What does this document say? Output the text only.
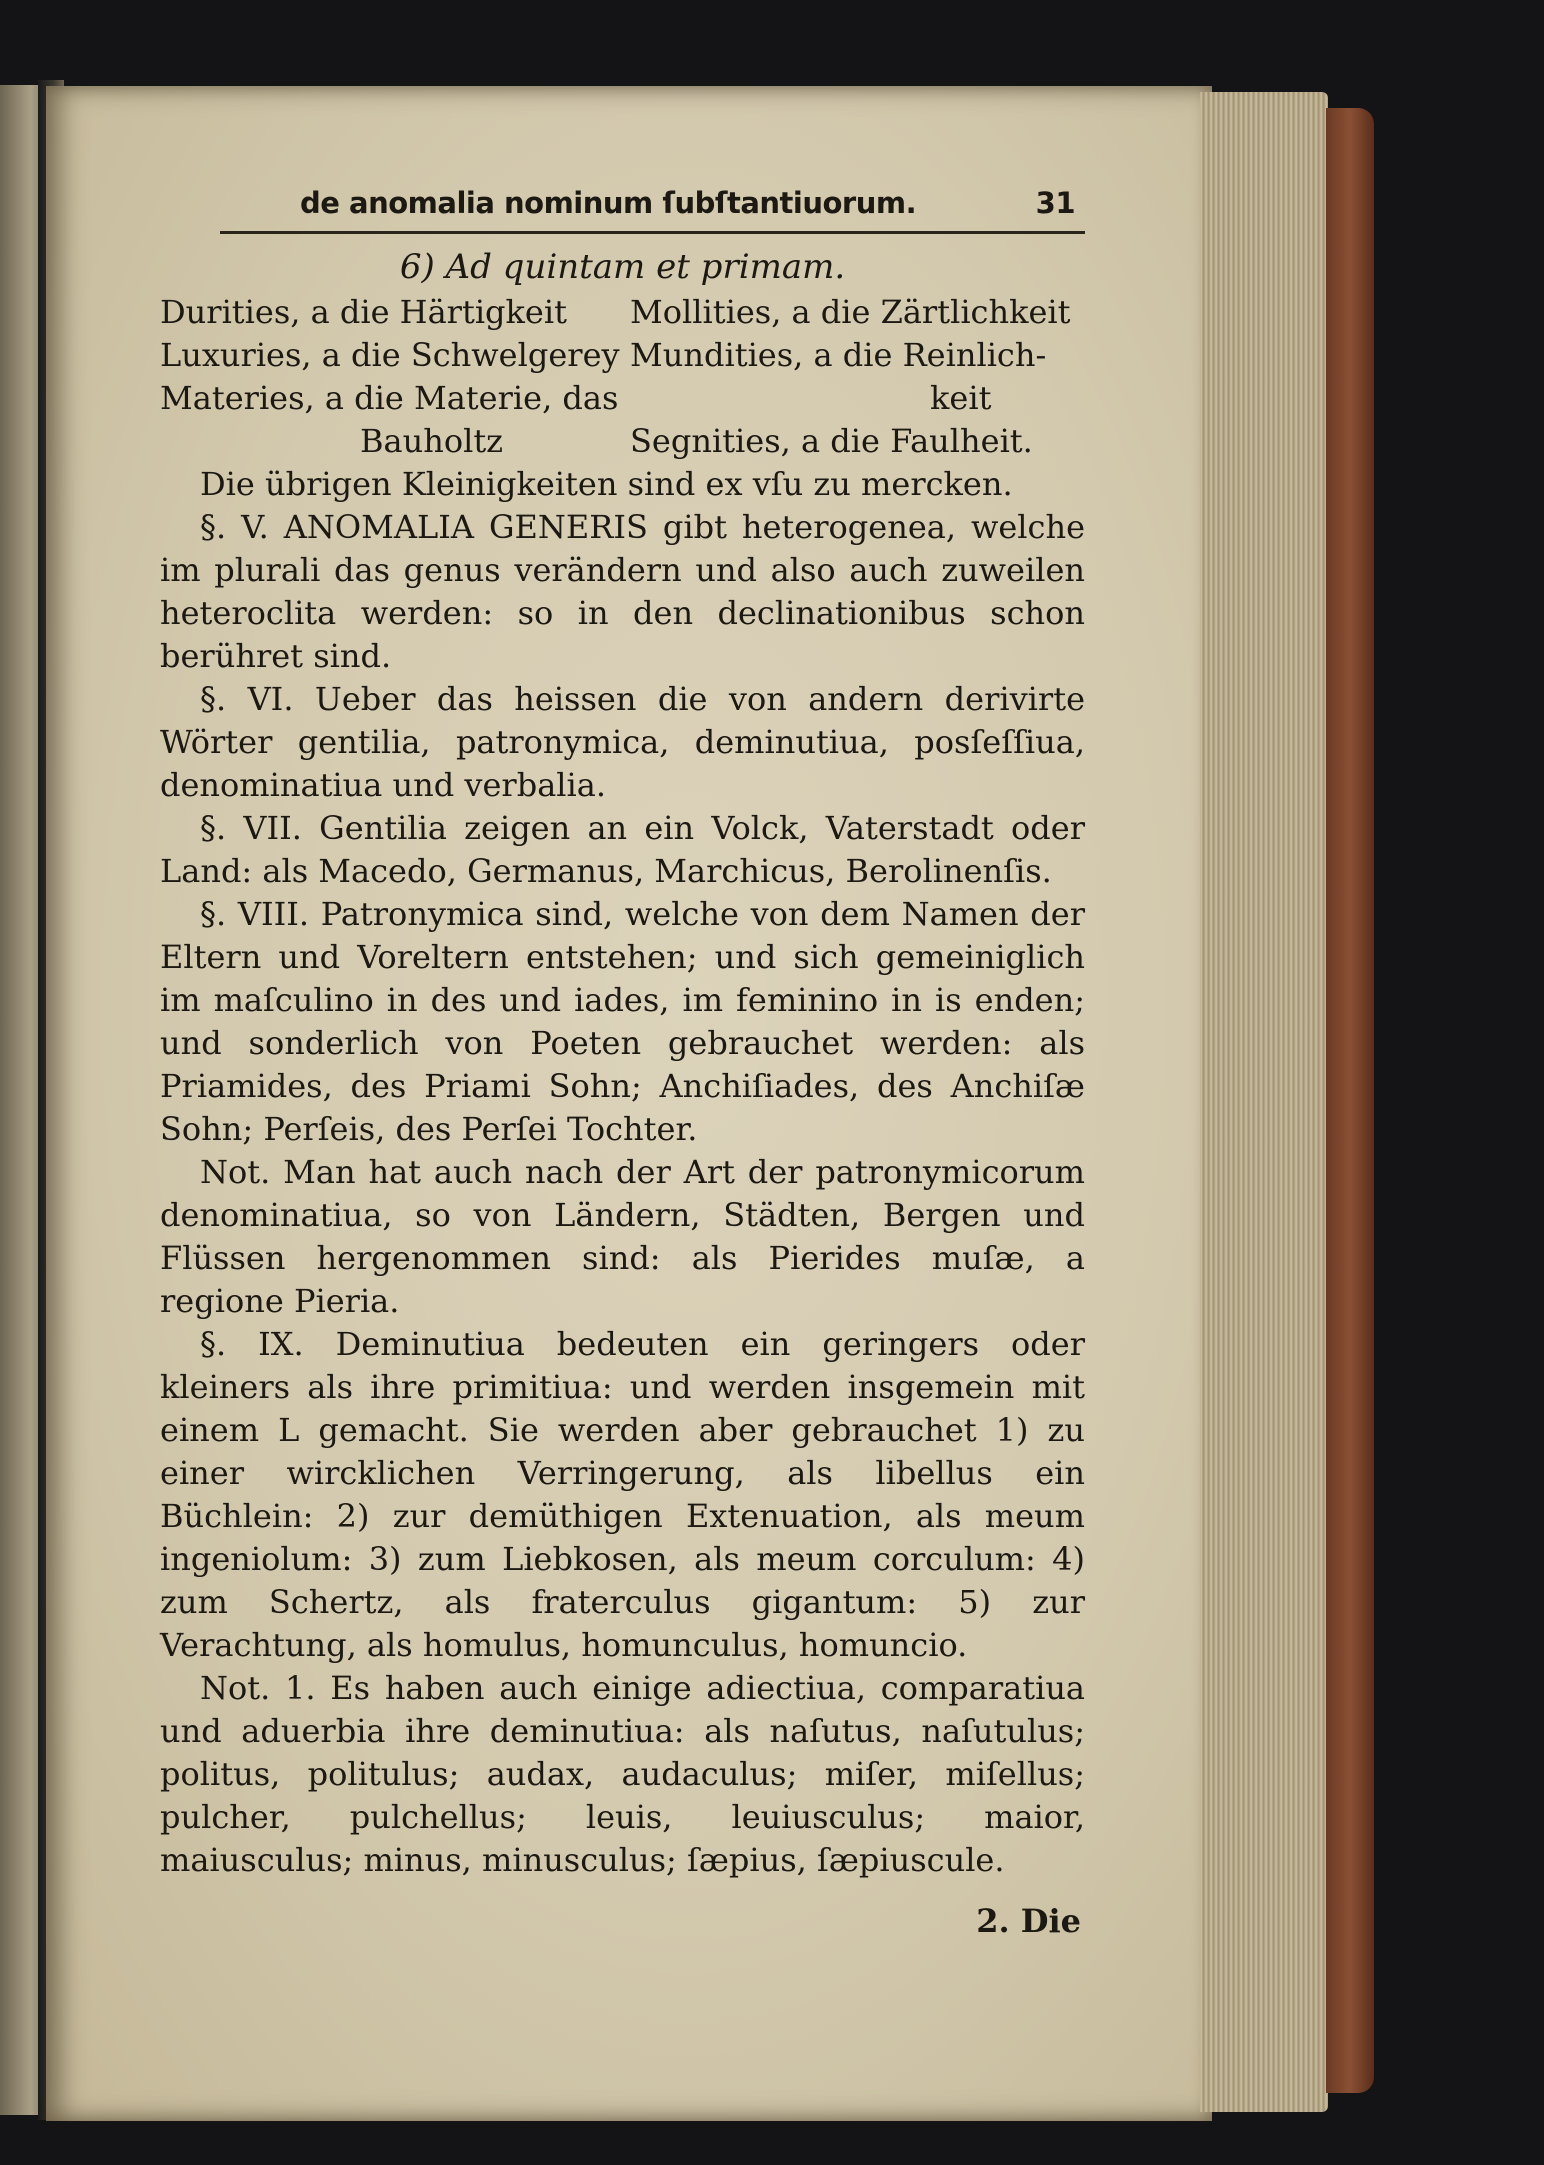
de anomalia nominum ſubſtantiuorum.	31
6) Ad quintam et primam.
Durities, a die Härtigkeit	Mollities, a die Zärtlichkeit
Luxuries, a die Schwelgerey Mundities, a die Reinlich-
Materies, a die Materie, das	keit
Bauholtz	Segnities, a die Faulheit.

Die übrigen Kleinigkeiten sind ex vſu zu mercken.

§. V. ANOMALIA GENERIS gibt heterogenea, welche im plurali das genus verändern und also auch zuweilen heteroclita werden: so in den declinationibus schon berühret sind.

§. VI. Ueber das heissen die von andern derivirte Wörter gentilia, patronymica, deminutiua, posſeſſiua, denominatiua und verbalia.

§. VII. Gentilia zeigen an ein Volck, Vaterstadt oder Land: als Macedo, Germanus, Marchicus, Berolinenſis.

§. VIII. Patronymica sind, welche von dem Namen der Eltern und Voreltern entstehen; und sich gemeiniglich im maſculino in des und iades, im feminino in is enden; und sonderlich von Poeten gebrauchet werden: als Priamides, des Priami Sohn; Anchiſiades, des Anchiſæ Sohn; Perſeis, des Perſei Tochter.

Not. Man hat auch nach der Art der patronymicorum denominatiua, so von Ländern, Städten, Bergen und Flüssen hergenommen sind: als Pierides muſæ, a regione Pieria.

§. IX. Deminutiua bedeuten ein geringers oder kleiners als ihre primitiua: und werden insgemein mit einem L gemacht. Sie werden aber gebrauchet 1) zu einer wircklichen Verringerung, als libellus ein Büchlein: 2) zur demüthigen Extenuation, als meum ingeniolum: 3) zum Liebkosen, als meum corculum: 4) zum Schertz, als fraterculus gigantum: 5) zur Verachtung, als homulus, homunculus, homuncio.

Not. 1. Es haben auch einige adiectiua, comparatiua und aduerbia ihre deminutiua: als naſutus, naſutulus; politus, politulus; audax, audaculus; miſer, miſellus; pulcher, pulchellus; leuis, leuiusculus; maior, maiusculus; minus, minusculus; ſæpius, ſæpiuscule.

2. Die
